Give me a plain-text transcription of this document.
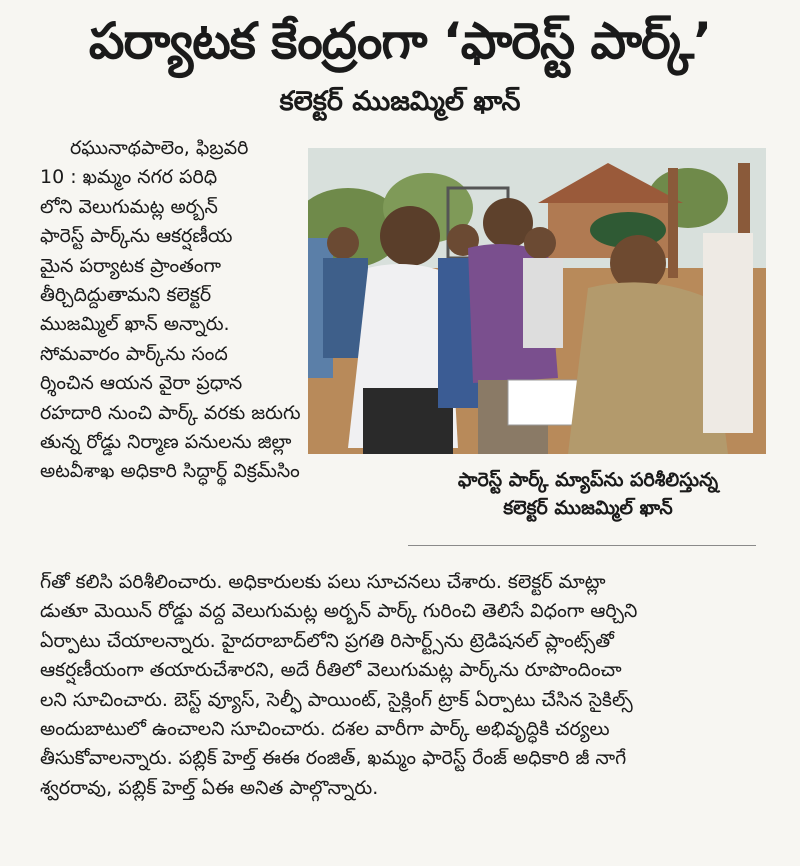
పర్యాటక కేంద్రంగా ‘ఫారెస్ట్ పార్క్’
కలెక్టర్ ముజమ్మిల్ ఖాన్
రఘునాథపాలెం, ఫిబ్రవరి
10 : ఖమ్మం నగర పరిధి
లోని వెలుగుమట్ల అర్బన్
ఫారెస్ట్ పార్క్‌ను ఆకర్షణీయ
మైన పర్యాటక ప్రాంతంగా
తీర్చిదిద్దుతామని కలెక్టర్
ముజమ్మిల్ ఖాన్ అన్నారు.
సోమవారం పార్క్‌ను సంద
ర్శించిన ఆయన వైరా ప్రధాన
రహదారి నుంచి పార్క్ వరకు జరుగు
తున్న రోడ్డు నిర్మాణ పనులను జిల్లా
అటవీశాఖ అధికారి సిద్ధార్థ్ విక్రమ్‌సిం	ఫారెస్ట్ పార్క్ మ్యాప్‌ను పరిశీలిస్తున్న
కలెక్టర్ ముజమ్మిల్ ఖాన్
గ్‌తో కలిసి పరిశీలించారు. అధికారులకు పలు సూచనలు చేశారు. కలెక్టర్ మాట్లా
డుతూ మెయిన్ రోడ్డు వద్ద వెలుగుమట్ల అర్బన్ పార్క్ గురించి తెలిసే విధంగా ఆర్చిని
ఏర్పాటు చేయాలన్నారు. హైదరాబాద్‌లోని ప్రగతి రిసార్ట్స్‌ను ట్రెడిషనల్ ప్లాంట్స్‌తో
ఆకర్షణీయంగా తయారుచేశారని, అదే రీతిలో వెలుగుమట్ల పార్క్‌ను రూపొందించా
లని సూచించారు. బెస్ట్ వ్యూస్, సెల్ఫీ పాయింట్, సైక్లింగ్ ట్రాక్ ఏర్పాటు చేసిన సైకిల్స్
అందుబాటులో ఉంచాలని సూచించారు. దశల వారీగా పార్క్ అభివృద్ధికి చర్యలు
తీసుకోవాలన్నారు. పబ్లిక్ హెల్త్ ఈఈ రంజిత్, ఖమ్మం ఫారెస్ట్ రేంజ్ అధికారి జీ నాగే
శ్వరరావు, పబ్లిక్ హెల్త్ ఏఈ అనిత పాల్గొన్నారు.
